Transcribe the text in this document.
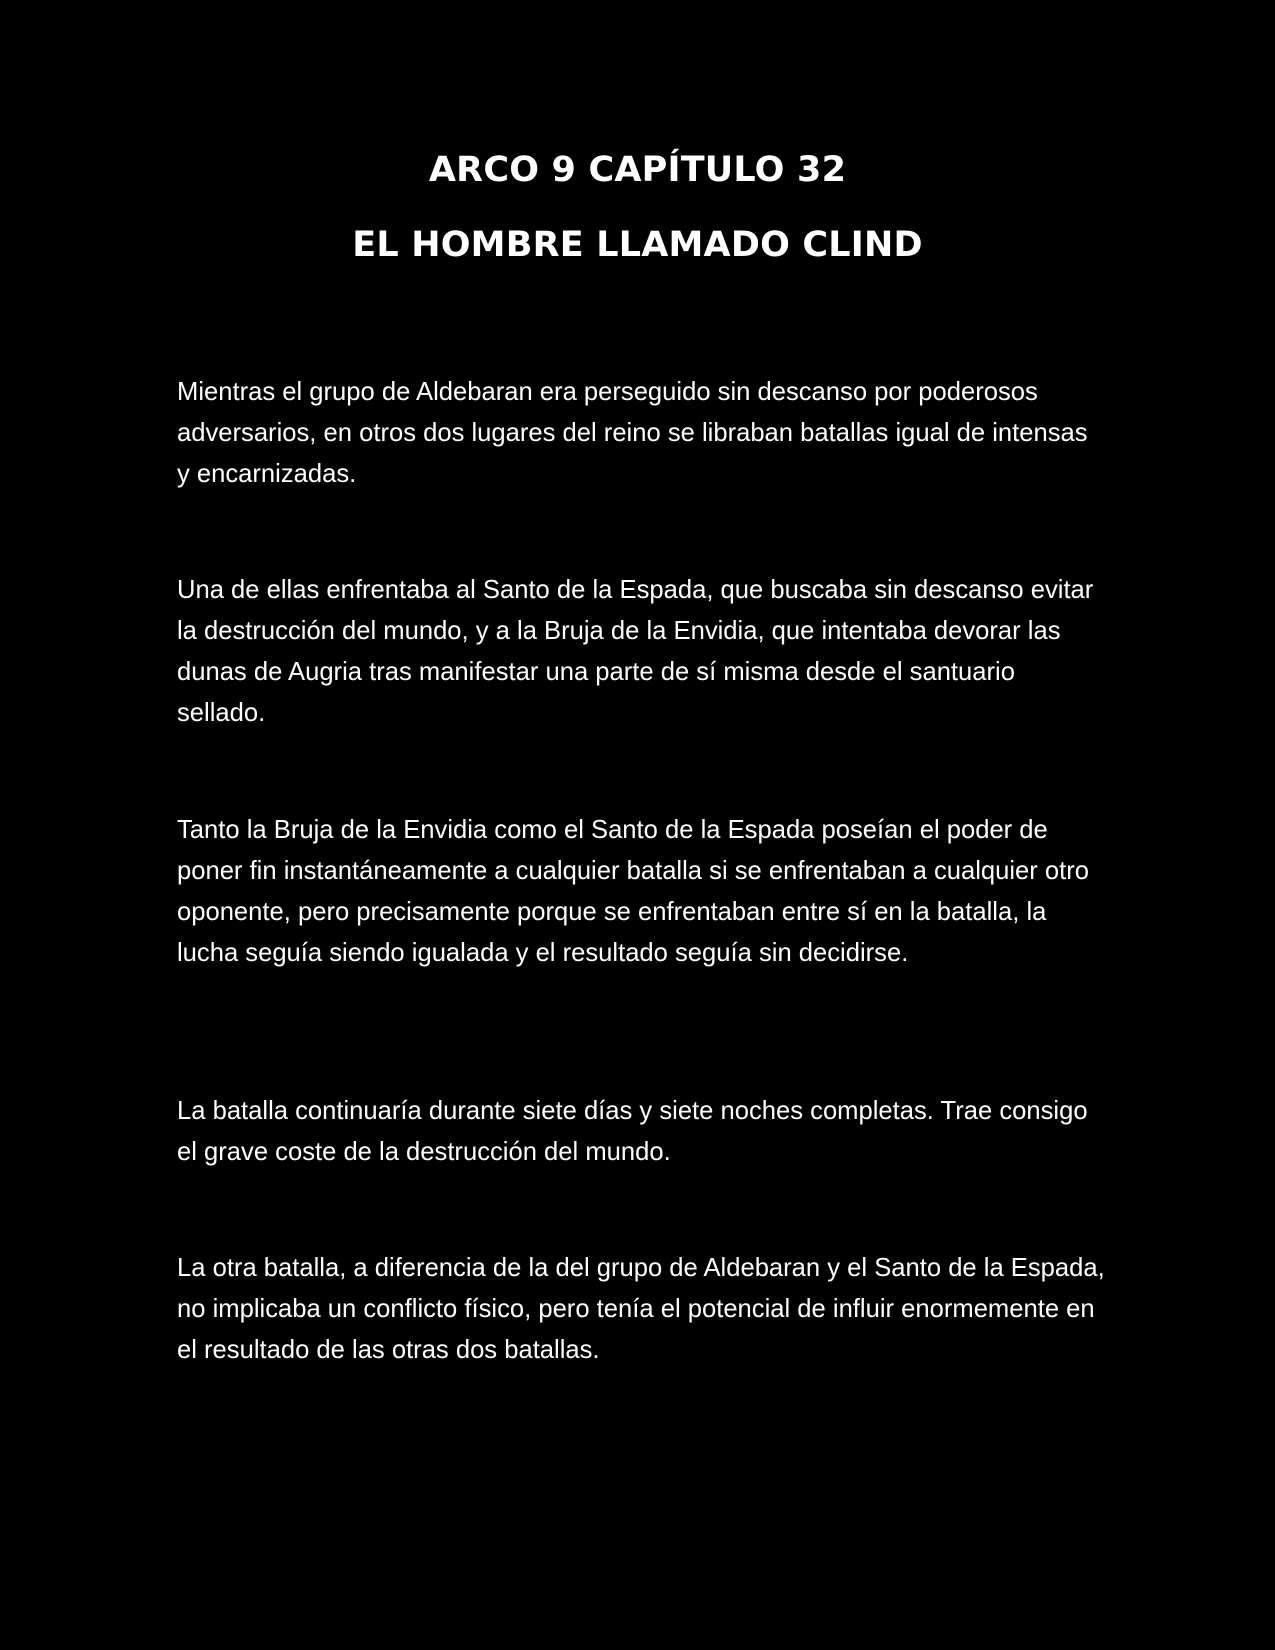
ARCO 9 CAPÍTULO 32
EL HOMBRE LLAMADO CLIND

Mientras el grupo de Aldebaran era perseguido sin descanso por poderosos adversarios, en otros dos lugares del reino se libraban batallas igual de intensas y encarnizadas.

Una de ellas enfrentaba al Santo de la Espada, que buscaba sin descanso evitar la destrucción del mundo, y a la Bruja de la Envidia, que intentaba devorar las dunas de Augria tras manifestar una parte de sí misma desde el santuario sellado.

Tanto la Bruja de la Envidia como el Santo de la Espada poseían el poder de poner fin instantáneamente a cualquier batalla si se enfrentaban a cualquier otro oponente, pero precisamente porque se enfrentaban entre sí en la batalla, la lucha seguía siendo igualada y el resultado seguía sin decidirse.

La batalla continuaría durante siete días y siete noches completas. Trae consigo el grave coste de la destrucción del mundo.

La otra batalla, a diferencia de la del grupo de Aldebaran y el Santo de la Espada, no implicaba un conflicto físico, pero tenía el potencial de influir enormemente en el resultado de las otras dos batallas.
